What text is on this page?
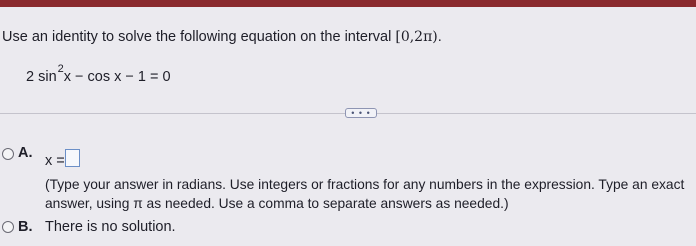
Use an identity to solve the following equation on the interval [0,2π).
2 $\sin^2x - \cos x - 1 = 0$
• • •
A. x =
(Type your answer in radians. Use integers or fractions for any numbers in the expression. Type an exact answer, using π as needed. Use a comma to separate answers as needed.)
B. There is no solution.
